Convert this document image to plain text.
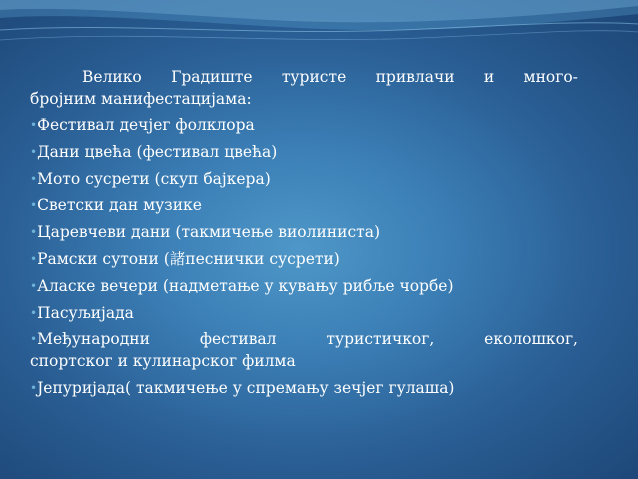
Велико Градиште туристе привлачи и много-
бројним манифестацијама:
•Фестивал дечјег фолклора
•Дани цвећа (фестивал цвећа)
•Мото сусрети (скуп бајкера)
•Светски дан музике
•Царевчеви дани (такмичење виолиниста)
•Рамски сутони (諸песнички сусрети)
•Аласке вечери (надметање у кувању рибље чорбе)
•Пасуљијада
•Међународни	фестивал	туристичког,	еколошког,
спортског и кулинарског филма
•Јепуријада( такмичење у спремању зечјег гулаша)
